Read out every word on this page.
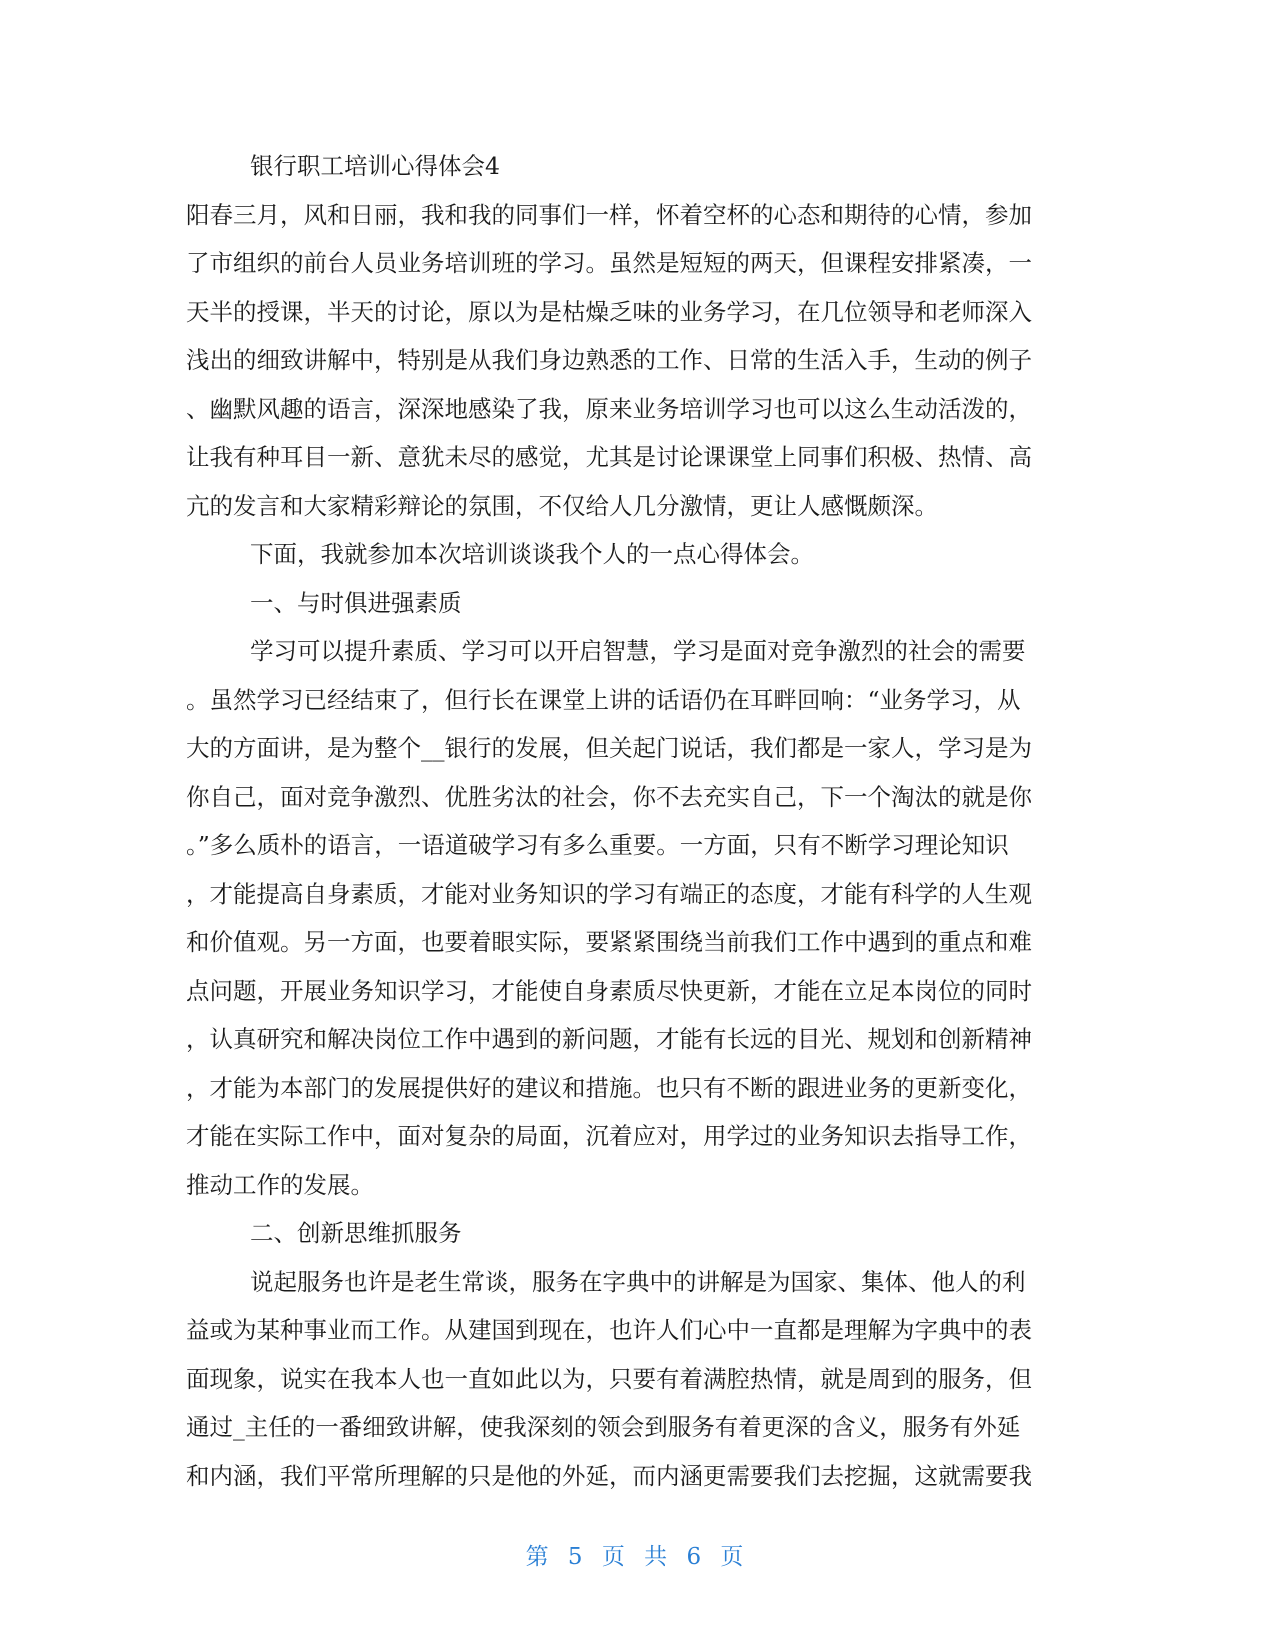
银行职工培训心得体会4
阳春三月，风和日丽，我和我的同事们一样，怀着空杯的心态和期待的心情，参加
了市组织的前台人员业务培训班的学习。虽然是短短的两天，但课程安排紧凑，一
天半的授课，半天的讨论，原以为是枯燥乏味的业务学习，在几位领导和老师深入
浅出的细致讲解中，特别是从我们身边熟悉的工作、日常的生活入手，生动的例子
、幽默风趣的语言，深深地感染了我，原来业务培训学习也可以这么生动活泼的，
让我有种耳目一新、意犹未尽的感觉，尤其是讨论课课堂上同事们积极、热情、高
亢的发言和大家精彩辩论的氛围，不仅给人几分激情，更让人感慨颇深。
下面，我就参加本次培训谈谈我个人的一点心得体会。
一、与时俱进强素质
学习可以提升素质、学习可以开启智慧，学习是面对竞争激烈的社会的需要
。虽然学习已经结束了，但行长在课堂上讲的话语仍在耳畔回响：“业务学习，从
大的方面讲，是为整个__银行的发展，但关起门说话，我们都是一家人，学习是为
你自己，面对竞争激烈、优胜劣汰的社会，你不去充实自己，下一个淘汰的就是你
。”多么质朴的语言，一语道破学习有多么重要。一方面，只有不断学习理论知识
，才能提高自身素质，才能对业务知识的学习有端正的态度，才能有科学的人生观
和价值观。另一方面，也要着眼实际，要紧紧围绕当前我们工作中遇到的重点和难
点问题，开展业务知识学习，才能使自身素质尽快更新，才能在立足本岗位的同时
，认真研究和解决岗位工作中遇到的新问题，才能有长远的目光、规划和创新精神
，才能为本部门的发展提供好的建议和措施。也只有不断的跟进业务的更新变化，
才能在实际工作中，面对复杂的局面，沉着应对，用学过的业务知识去指导工作，
推动工作的发展。
二、创新思维抓服务
说起服务也许是老生常谈，服务在字典中的讲解是为国家、集体、他人的利
益或为某种事业而工作。从建国到现在，也许人们心中一直都是理解为字典中的表
面现象，说实在我本人也一直如此以为，只要有着满腔热情，就是周到的服务，但
通过_主任的一番细致讲解，使我深刻的领会到服务有着更深的含义，服务有外延
和内涵，我们平常所理解的只是他的外延，而内涵更需要我们去挖掘，这就需要我
第 5 页 共 6 页
